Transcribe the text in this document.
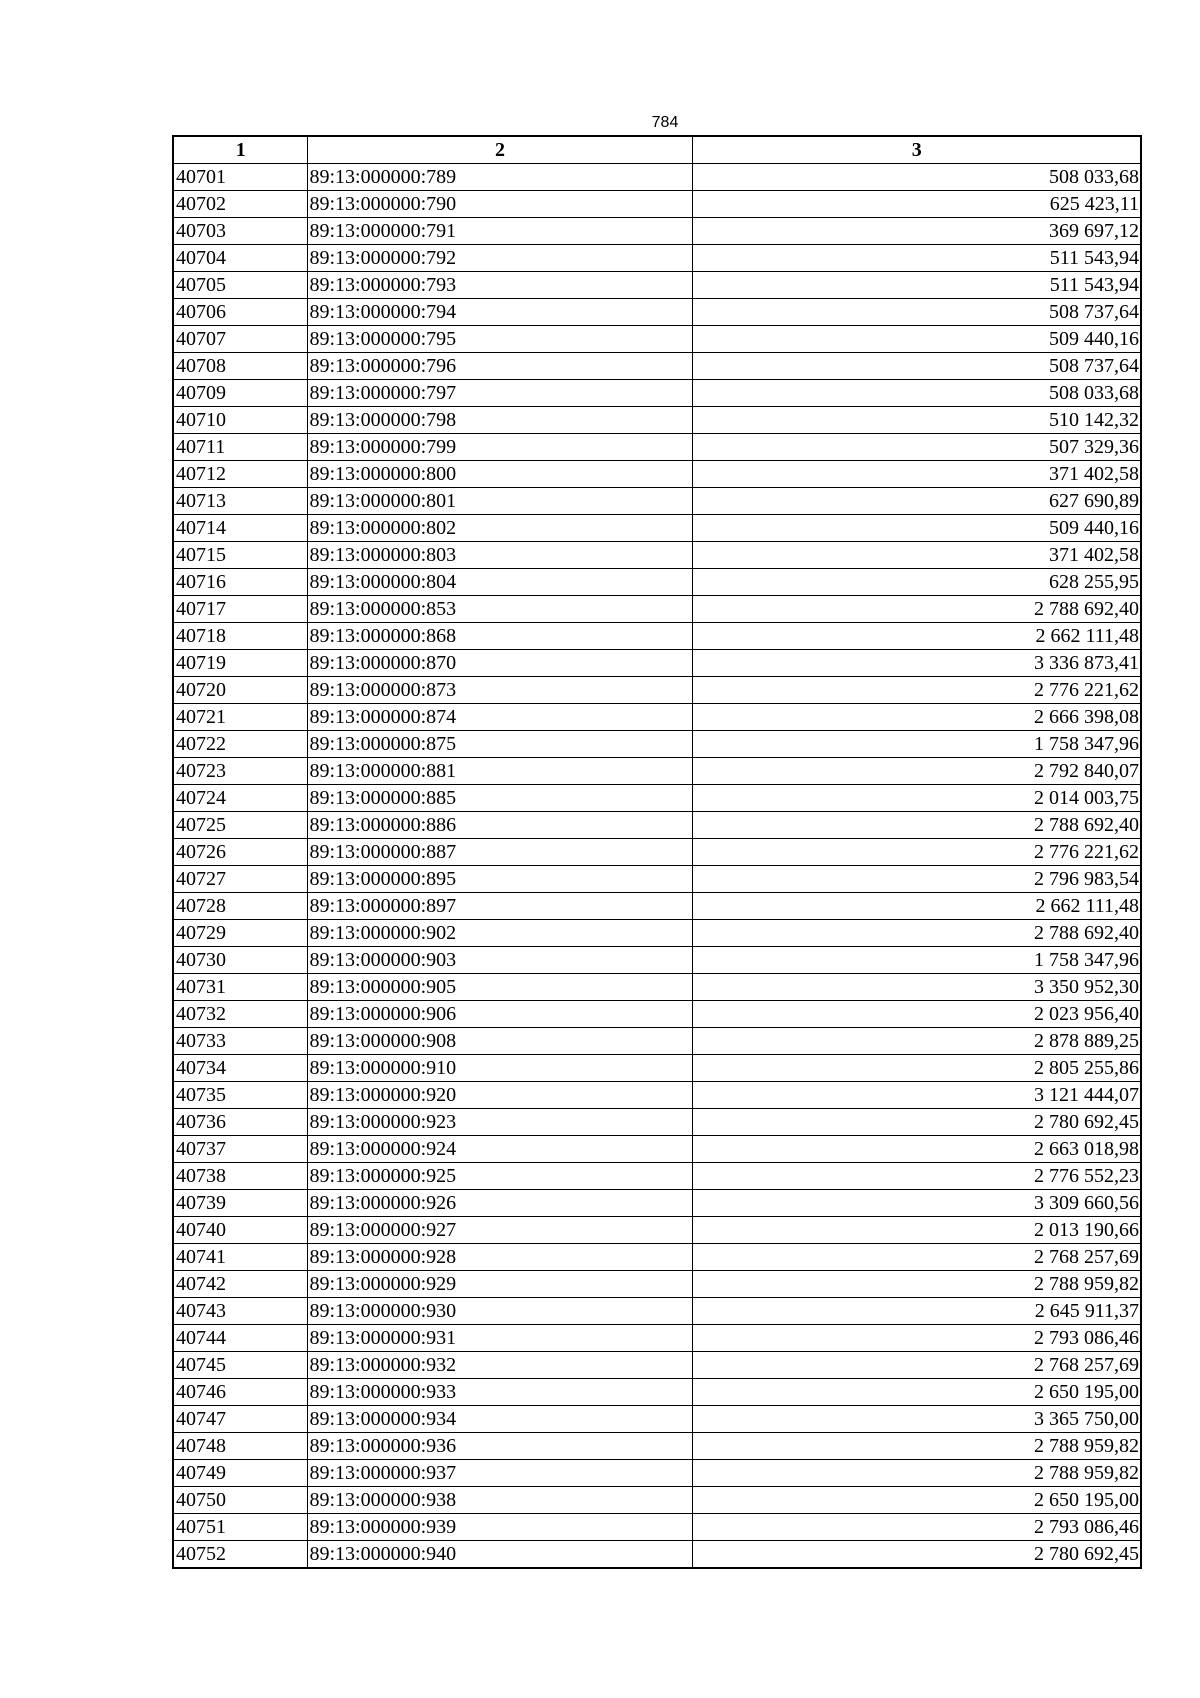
784
1	2	3
40701	89:13:000000:789	508 033,68
40702	89:13:000000:790	625 423,11
40703	89:13:000000:791	369 697,12
40704	89:13:000000:792	511 543,94
40705	89:13:000000:793	511 543,94
40706	89:13:000000:794	508 737,64
40707	89:13:000000:795	509 440,16
40708	89:13:000000:796	508 737,64
40709	89:13:000000:797	508 033,68
40710	89:13:000000:798	510 142,32
40711	89:13:000000:799	507 329,36
40712	89:13:000000:800	371 402,58
40713	89:13:000000:801	627 690,89
40714	89:13:000000:802	509 440,16
40715	89:13:000000:803	371 402,58
40716	89:13:000000:804	628 255,95
40717	89:13:000000:853	2 788 692,40
40718	89:13:000000:868	2 662 111,48
40719	89:13:000000:870	3 336 873,41
40720	89:13:000000:873	2 776 221,62
40721	89:13:000000:874	2 666 398,08
40722	89:13:000000:875	1 758 347,96
40723	89:13:000000:881	2 792 840,07
40724	89:13:000000:885	2 014 003,75
40725	89:13:000000:886	2 788 692,40
40726	89:13:000000:887	2 776 221,62
40727	89:13:000000:895	2 796 983,54
40728	89:13:000000:897	2 662 111,48
40729	89:13:000000:902	2 788 692,40
40730	89:13:000000:903	1 758 347,96
40731	89:13:000000:905	3 350 952,30
40732	89:13:000000:906	2 023 956,40
40733	89:13:000000:908	2 878 889,25
40734	89:13:000000:910	2 805 255,86
40735	89:13:000000:920	3 121 444,07
40736	89:13:000000:923	2 780 692,45
40737	89:13:000000:924	2 663 018,98
40738	89:13:000000:925	2 776 552,23
40739	89:13:000000:926	3 309 660,56
40740	89:13:000000:927	2 013 190,66
40741	89:13:000000:928	2 768 257,69
40742	89:13:000000:929	2 788 959,82
40743	89:13:000000:930	2 645 911,37
40744	89:13:000000:931	2 793 086,46
40745	89:13:000000:932	2 768 257,69
40746	89:13:000000:933	2 650 195,00
40747	89:13:000000:934	3 365 750,00
40748	89:13:000000:936	2 788 959,82
40749	89:13:000000:937	2 788 959,82
40750	89:13:000000:938	2 650 195,00
40751	89:13:000000:939	2 793 086,46
40752	89:13:000000:940	2 780 692,45
